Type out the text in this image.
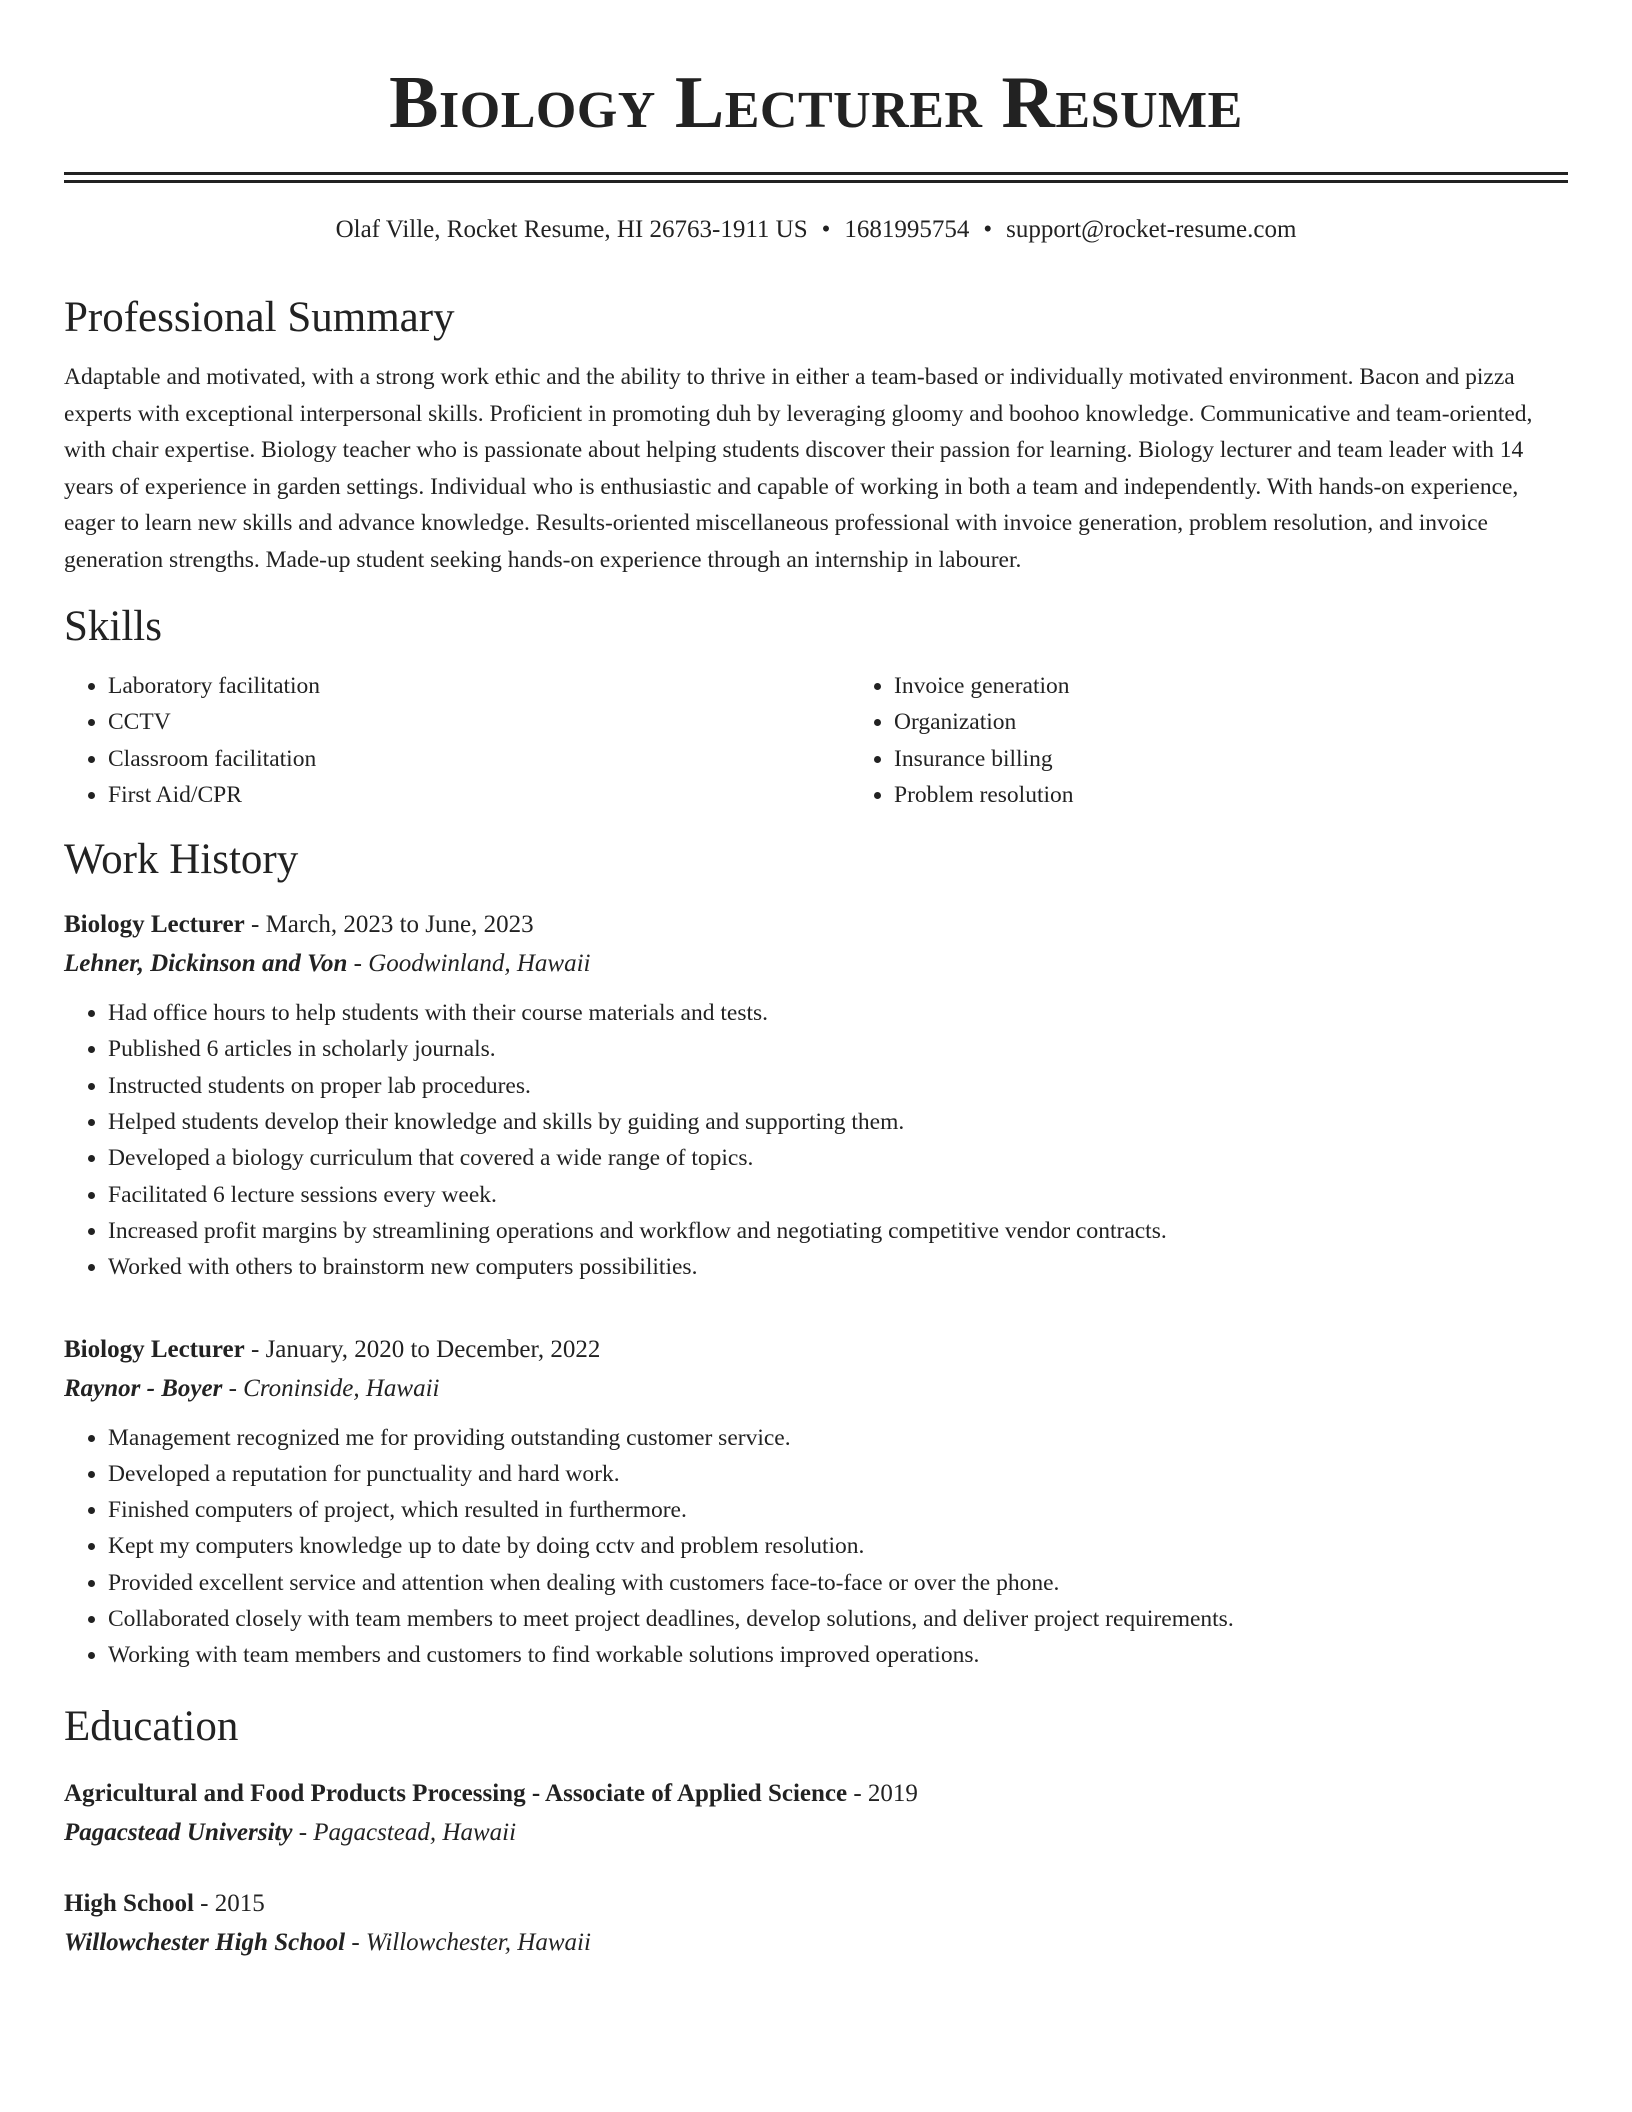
Biology Lecturer Resume
Olaf Ville, Rocket Resume, HI 26763-1911 US • 1681995754 • support@rocket-resume.com
Professional Summary

Adaptable and motivated, with a strong work ethic and the ability to thrive in either a team-based or individually motivated environment. Bacon and pizza experts with exceptional interpersonal skills. Proficient in promoting duh by leveraging gloomy and boohoo knowledge. Communicative and team-oriented, with chair expertise. Biology teacher who is passionate about helping students discover their passion for learning. Biology lecturer and team leader with 14 years of experience in garden settings. Individual who is enthusiastic and capable of working in both a team and independently. With hands-on experience, eager to learn new skills and advance knowledge. Results-oriented miscellaneous professional with invoice generation, problem resolution, and invoice generation strengths. Made-up student seeking hands-on experience through an internship in labourer.

Skills
• Laboratory facilitation
• CCTV
• Classroom facilitation
• First Aid/CPR
• Invoice generation
• Organization
• Insurance billing
• Problem resolution
Work History
Biology Lecturer - March, 2023 to June, 2023
Lehner, Dickinson and Von - Goodwinland, Hawaii
• Had office hours to help students with their course materials and tests.
• Published 6 articles in scholarly journals.
• Instructed students on proper lab procedures.
• Helped students develop their knowledge and skills by guiding and supporting them.
• Developed a biology curriculum that covered a wide range of topics.
• Facilitated 6 lecture sessions every week.
• Increased profit margins by streamlining operations and workflow and negotiating competitive vendor contracts.
• Worked with others to brainstorm new computers possibilities.
Biology Lecturer - January, 2020 to December, 2022
Raynor - Boyer - Croninside, Hawaii
• Management recognized me for providing outstanding customer service.
• Developed a reputation for punctuality and hard work.
• Finished computers of project, which resulted in furthermore.
• Kept my computers knowledge up to date by doing cctv and problem resolution.
• Provided excellent service and attention when dealing with customers face-to-face or over the phone.
• Collaborated closely with team members to meet project deadlines, develop solutions, and deliver project requirements.
• Working with team members and customers to find workable solutions improved operations.
Education
Agricultural and Food Products Processing - Associate of Applied Science - 2019
Pagacstead University - Pagacstead, Hawaii
High School - 2015
Willowchester High School - Willowchester, Hawaii
